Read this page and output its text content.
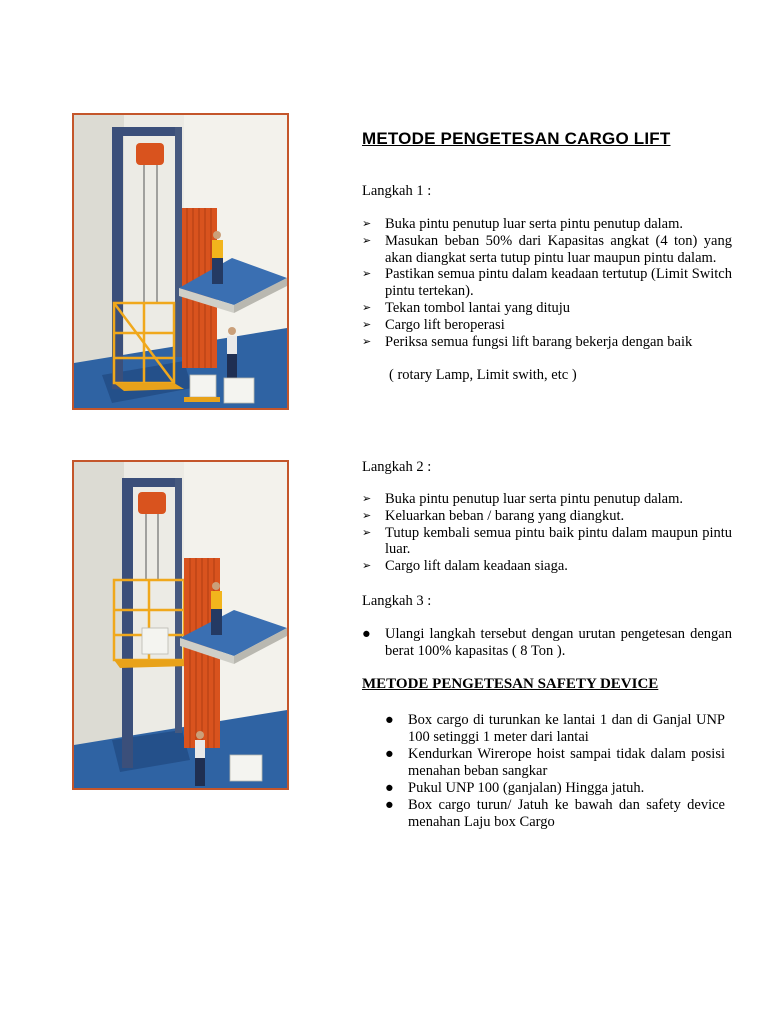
METODE PENGETESAN CARGO LIFT
Langkah 1 :
➢ Buka pintu penutup luar serta pintu penutup dalam.
➢ Masukan beban 50% dari Kapasitas angkat (4 ton) yang akan diangkat serta tutup pintu luar maupun pintu dalam.
➢ Pastikan semua pintu dalam keadaan tertutup (Limit Switch pintu tertekan).
➢ Tekan tombol lantai yang dituju
➢ Cargo lift beroperasi
➢ Periksa semua fungsi lift barang bekerja dengan baik
( rotary Lamp, Limit swith, etc )
Langkah 2 :
➢ Buka pintu penutup luar serta pintu penutup dalam.
➢ Keluarkan beban / barang yang diangkut.
➢ Tutup kembali semua pintu baik pintu dalam maupun pintu luar.
➢ Cargo lift dalam keadaan siaga.
Langkah 3 :
● Ulangi langkah tersebut dengan urutan pengetesan dengan berat 100% kapasitas ( 8 Ton ).
METODE PENGETESAN SAFETY DEVICE
● Box cargo di turunkan ke lantai 1 dan di Ganjal UNP 100 setinggi 1 meter dari lantai
● Kendurkan Wirerope hoist sampai tidak dalam posisi menahan beban sangkar
● Pukul UNP 100 (ganjalan) Hingga jatuh.
● Box cargo turun/ Jatuh ke bawah dan safety device menahan Laju box Cargo
